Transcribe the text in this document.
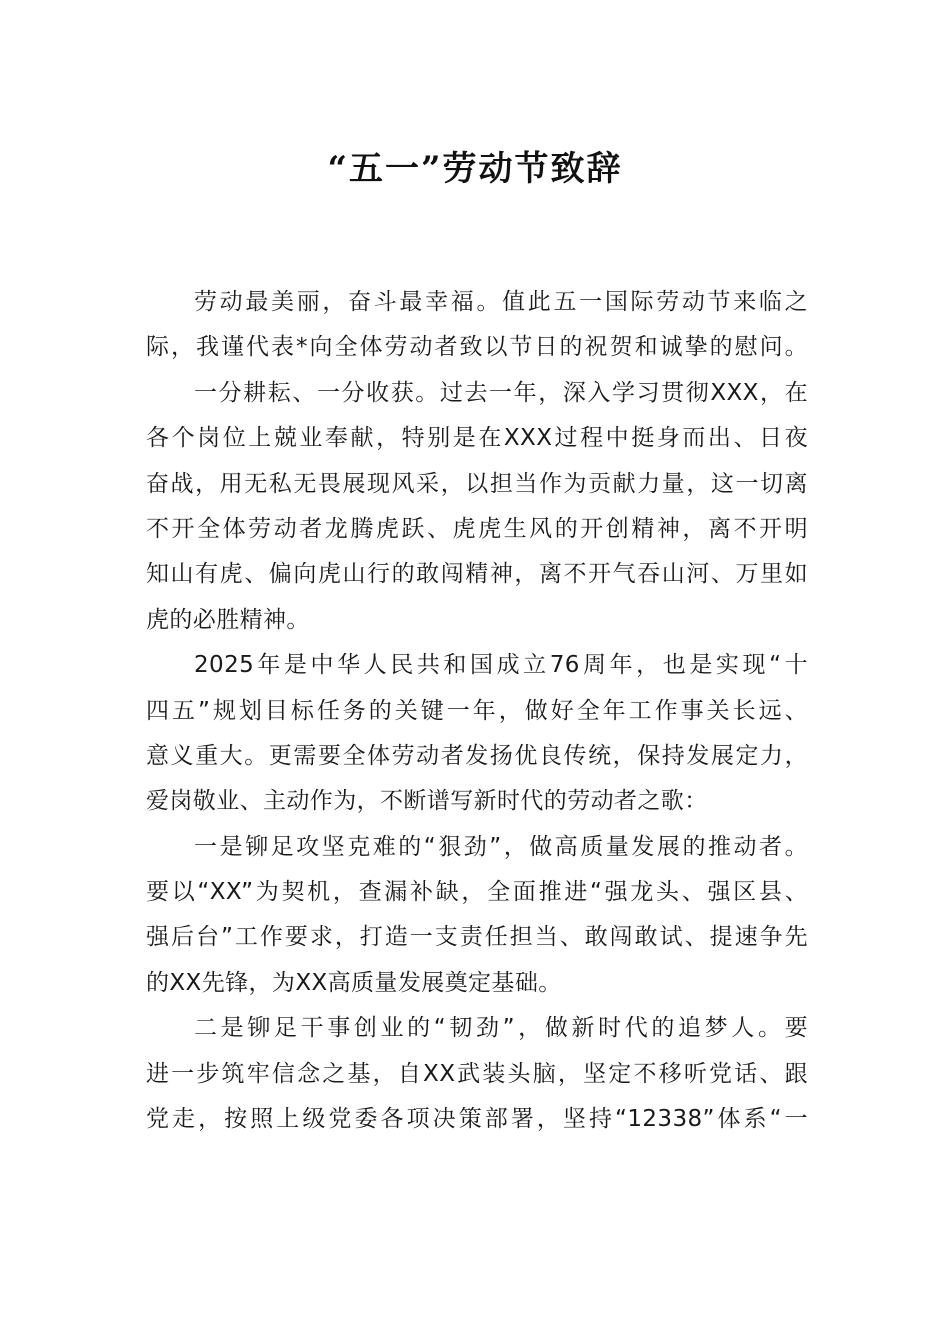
“五一”劳动节致辞
劳动最美丽，奋斗最幸福。值此五一国际劳动节来临之
际，我谨代表*向全体劳动者致以节日的祝贺和诚挚的慰问。
一分耕耘、一分收获。过去一年，深入学习贯彻XXX，在
各个岗位上兢业奉献，特别是在XXX过程中挺身而出、日夜
奋战，用无私无畏展现风采，以担当作为贡献力量，这一切离
不开全体劳动者龙腾虎跃、虎虎生风的开创精神，离不开明
知山有虎、偏向虎山行的敢闯精神，离不开气吞山河、万里如
虎的必胜精神。
2025年是中华人民共和国成立76周年，也是实现“十
四五”规划目标任务的关键一年，做好全年工作事关长远、
意义重大。更需要全体劳动者发扬优良传统，保持发展定力，
爱岗敬业、主动作为，不断谱写新时代的劳动者之歌：
一是铆足攻坚克难的“狠劲”，做高质量发展的推动者。
要以“XX”为契机，查漏补缺，全面推进“强龙头、强区县、
强后台”工作要求，打造一支责任担当、敢闯敢试、提速争先
的XX先锋，为XX高质量发展奠定基础。
二是铆足干事创业的“韧劲”，做新时代的追梦人。要
进一步筑牢信念之基，自XX武装头脑，坚定不移听党话、跟
党走，按照上级党委各项决策部署，坚持“12338”体系“一
